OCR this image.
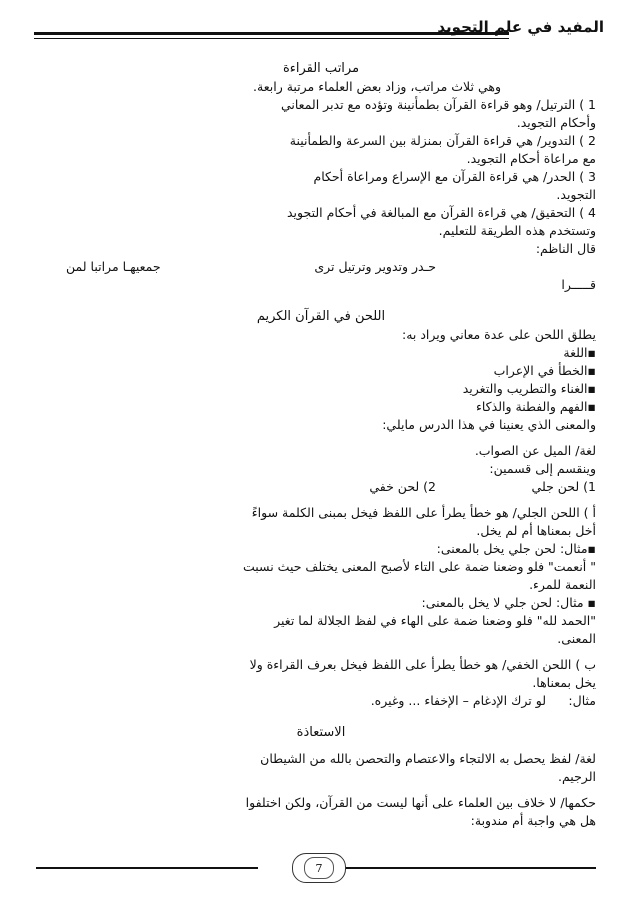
المفيد في علم التجويد
مراتب القراءة
وهي ثلاث مراتب، وزاد بعض العلماء مرتبة رابعة.
1 ) الترتيل/ وهو قراءة القرآن بطمأنينة وتؤده مع تدبر المعاني
وأحكام التجويد.
2 ) التدوير/ هي قراءة القرآن بمنزلة بين السرعة والطمأنينة
مع مراعاة أحكام التجويد.
3 ) الحدر/ هي قراءة القرآن مع الإسراع ومراعاة أحكام
التجويد.
4 ) التحقيق/ هي قراءة القرآن مع المبالغة في أحكام التجويد
وتستخدم هذه الطريقة للتعليم.
قال الناظم:
حـدر وتدوير وترتيل ترى
جمعيهـا مراتبا لمن
قـــــرا
اللحن في القرآن الكريم
يطلق اللحن على عدة معاني ويراد به:
▪اللغة
▪الخطأ في الإعراب
▪الغناء والتطريب والتغريد
▪الفهم والفطنة والذكاء
والمعنى الذي يعنينا في هذا الدرس مايلي:
لغة/ الميل عن الصواب.
وينقسم إلى قسمين:
1) لحن جلي
2) لحن خفي
أ ) اللحن الجلي/ هو خطأ يطرأ على اللفظ فيخل بمبنى الكلمة سواءً
أخل بمعناها أم لم يخل.
▪مثال: لحن جلي يخل بالمعنى:
" أنعمت" فلو وضعنا ضمة على التاء لأصبح المعنى يختلف حيث نسبت
النعمة للمرء.
▪ مثال: لحن جلي لا يخل بالمعنى:
"الحمد لله" فلو وضعنا ضمة على الهاء في لفظ الجلالة لما تغير
المعنى.
ب ) اللحن الخفي/ هو خطأ يطرأ على اللفظ فيخل بعرف القراءة ولا
يخل بمعناها.
مثال:
لو ترك الإدغام – الإخفاء ... وغيره.
الاستعاذة
لغة/ لفظ يحصل به الالتجاء والاعتصام والتحصن بالله من الشيطان
الرجيم.
حكمها/ لا خلاف بين العلماء على أنها ليست من القرآن، ولكن اختلفوا
هل هي واجبة أم مندوبة:
7
